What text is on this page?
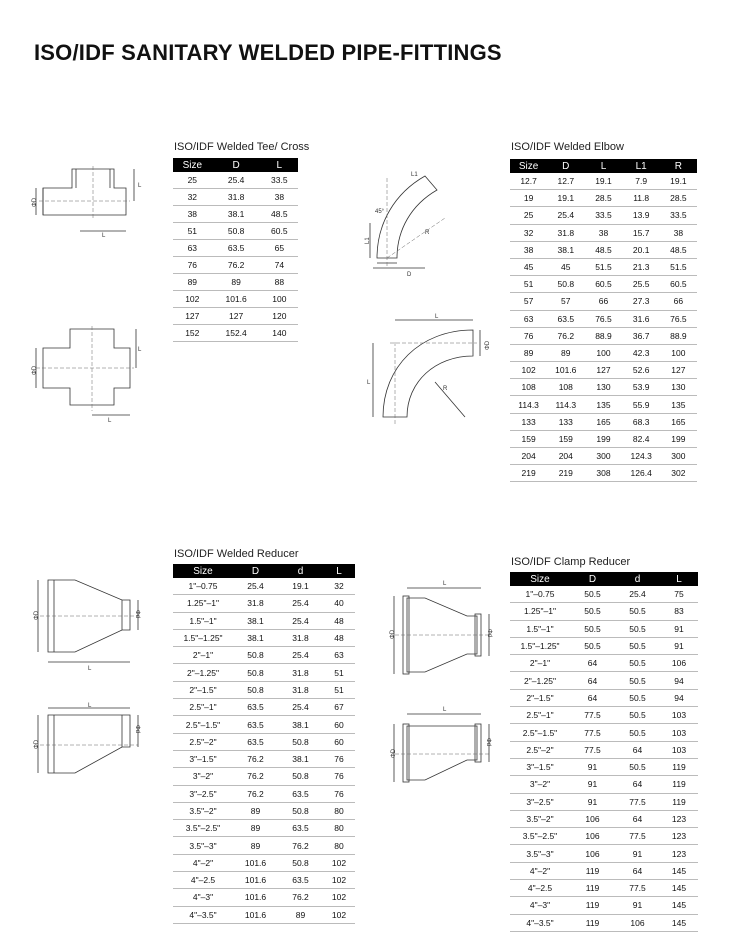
ISO/IDF SANITARY WELDED PIPE-FITTINGS
ISO/IDF Welded Tee/ Cross	ISO/IDF Welded Elbow
ISO/IDF Welded Reducer
ISO/IDF Clamp Reducer
Size	D	L
25	25.4	33.5
32	31.8	38
38	38.1	48.5
51	50.8	60.5
63	63.5	65
76	76.2	74
89	89	88
102	101.6	100
127	127	120
152	152.4	140
Size	D	L	L1	R
12.7	12.7	19.1	7.9	19.1
19	19.1	28.5	11.8	28.5
25	25.4	33.5	13.9	33.5
32	31.8	38	15.7	38
38	38.1	48.5	20.1	48.5
45	45	51.5	21.3	51.5
51	50.8	60.5	25.5	60.5
57	57	66	27.3	66
63	63.5	76.5	31.6	76.5
76	76.2	88.9	36.7	88.9
89	89	100	42.3	100
102	101.6	127	52.6	127
108	108	130	53.9	130
114.3	114.3	135	55.9	135
133	133	165	68.3	165
159	159	199	82.4	199
204	204	300	124.3	300
219	219	308	126.4	302
Size	D	d	L
1"–0.75	25.4	19.1	32
1.25"–1"	31.8	25.4	40
1.5"–1"	38.1	25.4	48
1.5"–1.25"	38.1	31.8	48
2"–1"	50.8	25.4	63
2"–1.25"	50.8	31.8	51
2"–1.5"	50.8	31.8	51
2.5"–1"	63.5	25.4	67
2.5"–1.5"	63.5	38.1	60
2.5"–2"	63.5	50.8	60
3"–1.5"	76.2	38.1	76
3"–2"	76.2	50.8	76
3"–2.5"	76.2	63.5	76
3.5"–2"	89	50.8	80
3.5"–2.5"	89	63.5	80
3.5"–3"	89	76.2	80
4"–2"	101.6	50.8	102
4"–2.5	101.6	63.5	102
4"–3"	101.6	76.2	102
4"–3.5"	101.6	89	102
Size	D	d	L
1"–0.75	50.5	25.4	75
1.25"–1"	50.5	50.5	83
1.5"–1"	50.5	50.5	91
1.5"–1.25"	50.5	50.5	91
2"–1"	64	50.5	106
2"–1.25"	64	50.5	94
2"–1.5"	64	50.5	94
2.5"–1"	77.5	50.5	103
2.5"–1.5"	77.5	50.5	103
2.5"–2"	77.5	64	103
3"–1.5"	91	50.5	119
3"–2"	91	64	119
3"–2.5"	91	77.5	119
3.5"–2"	106	64	123
3.5"–2.5"	106	77.5	123
3.5"–3"	106	91	123
4"–2"	119	64	145
4"–2.5	119	77.5	145
4"–3"	119	91	145
4"–3.5"	119	106	145
ΦD
L
L
ΦD
L
L
D
L1
L1
45°
R
L
L
ΦD
R
ΦD	Φd
L
ΦD
Φd
L
ΦD	Φd
L
ΦD
Φd
L
